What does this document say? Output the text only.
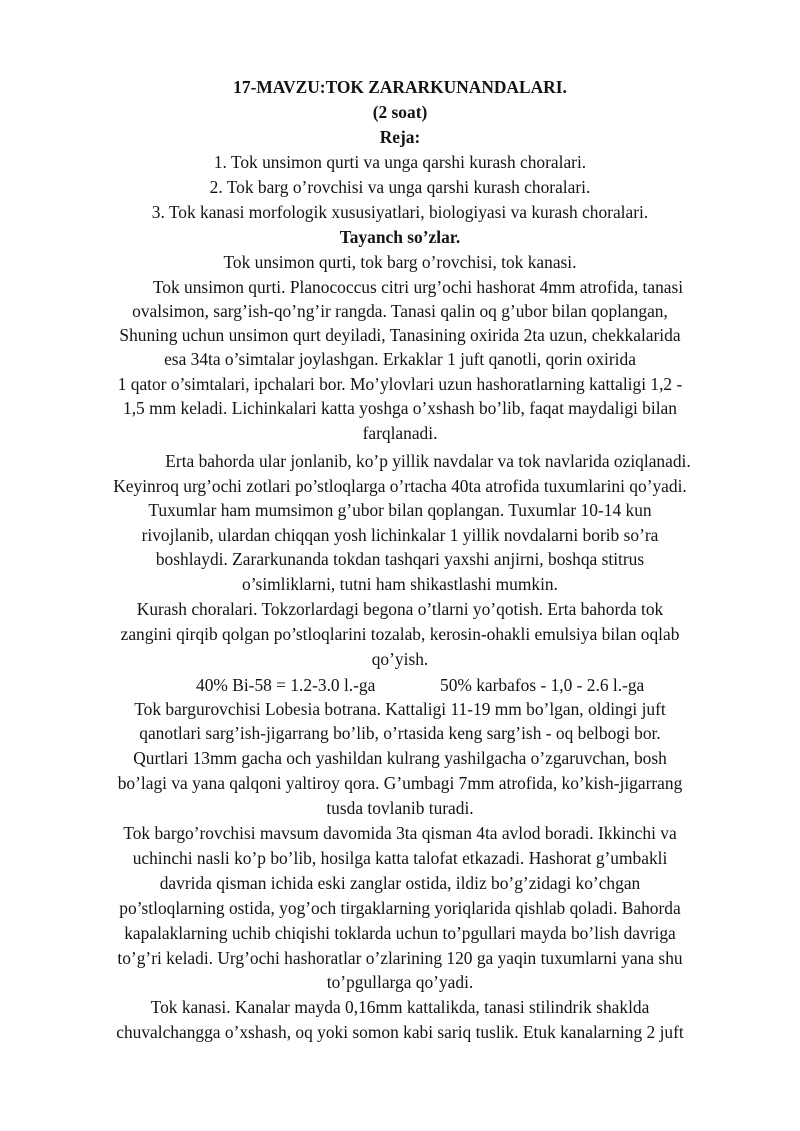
17-MAVZU:TOK ZARARKUNANDALARI.
(2 soat)
Reja:
1. Tok unsimon qurti va unga qarshi kurash choralari.
2. Tok barg o’rovchisi va unga qarshi kurash choralari.
3. Tok kanasi morfologik xususiyatlari, biologiyasi va kurash choralari.
Tayanch so’zlar.
Tok unsimon qurti, tok barg o’rovchisi, tok kanasi.
Tok unsimon qurti. Planococcus citri urg’ochi hashorat 4mm atrofida, tanasi
ovalsimon, sarg’ish-qo’ng’ir rangda. Tanasi qalin oq g’ubor bilan qoplangan,
Shuning uchun unsimon qurt deyiladi, Tanasining oxirida 2ta uzun, chekkalarida
esa 34ta o’simtalar joylashgan. Erkaklar 1 juft qanotli, qorin oxirida
1 qator o’simtalari, ipchalari bor. Mo’ylovlari uzun hashoratlarning kattaligi 1,2 -
1,5 mm keladi. Lichinkalari katta yoshga o’xshash bo’lib, faqat maydaligi bilan
farqlanadi.
Erta bahorda ular jonlanib, ko’p yillik navdalar va tok navlarida oziqlanadi.
Keyinroq urg’ochi zotlari po’stloqlarga o’rtacha 40ta atrofida tuxumlarini qo’yadi.
Tuxumlar ham mumsimon g’ubor bilan qoplangan. Tuxumlar 10-14 kun
rivojlanib, ulardan chiqqan yosh lichinkalar 1 yillik novdalarni borib so’ra
boshlaydi. Zararkunanda tokdan tashqari yaxshi anjirni, boshqa stitrus
o’simliklarni, tutni ham shikastlashi mumkin.
Kurash choralari. Tokzorlardagi begona o’tlarni yo’qotish. Erta bahorda tok
zangini qirqib qolgan po’stloqlarini tozalab, kerosin-ohakli emulsiya bilan oqlab
qo’yish.
40% Bi-58 = 1.2-3.0 l.-ga	50% karbafos - 1,0 - 2.6 l.-ga
Tok bargurovchisi Lobesia botrana. Kattaligi 11-19 mm bo’lgan, oldingi juft
qanotlari sarg’ish-jigarrang bo’lib, o’rtasida keng sarg’ish - oq belbogi bor.
Qurtlari 13mm gacha och yashildan kulrang yashilgacha o’zgaruvchan, bosh
bo’lagi va yana qalqoni yaltiroy qora. G’umbagi 7mm atrofida, ko’kish-jigarrang
tusda tovlanib turadi.
Tok bargo’rovchisi mavsum davomida 3ta qisman 4ta avlod boradi. Ikkinchi va
uchinchi nasli ko’p bo’lib, hosilga katta talofat etkazadi. Hashorat g’umbakli
davrida qisman ichida eski zanglar ostida, ildiz bo’g’zidagi ko’chgan
po’stloqlarning ostida, yog’och tirgaklarning yoriqlarida qishlab qoladi. Bahorda
kapalaklarning uchib chiqishi toklarda uchun to’pgullari mayda bo’lish davriga
to’g’ri keladi. Urg’ochi hashoratlar o’zlarining 120 ga yaqin tuxumlarni yana shu
to’pgullarga qo’yadi.
Tok kanasi. Kanalar mayda 0,16mm kattalikda, tanasi stilindrik shaklda
chuvalchangga o’xshash, oq yoki somon kabi sariq tuslik. Etuk kanalarning 2 juft
